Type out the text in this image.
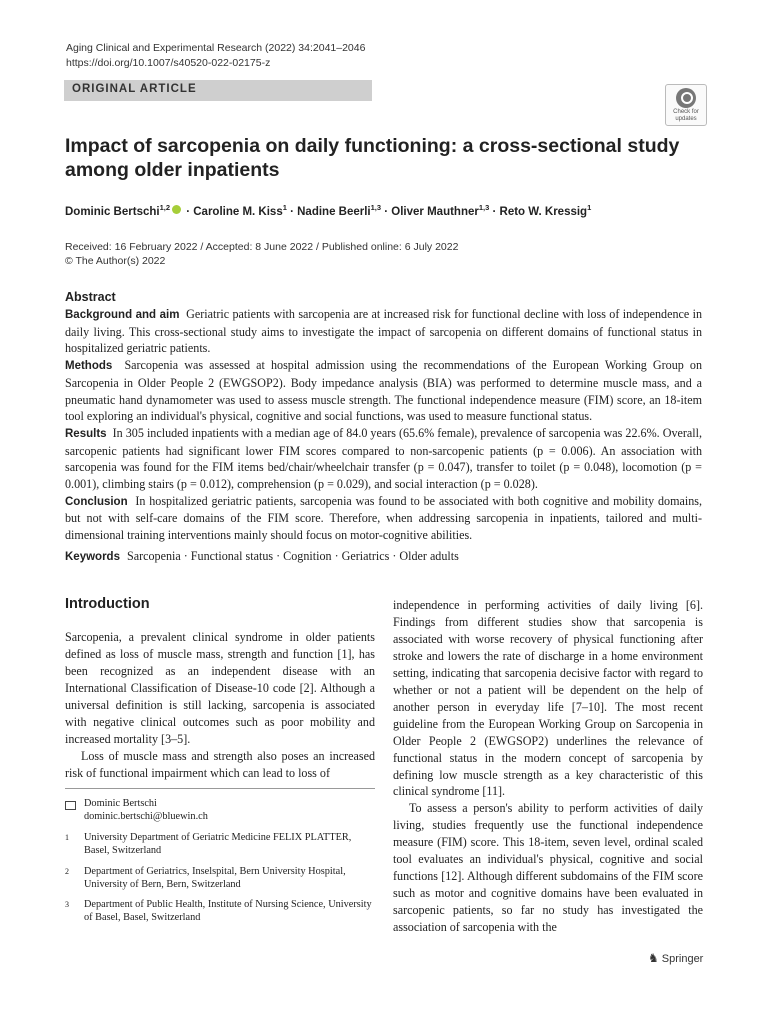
Aging Clinical and Experimental Research (2022) 34:2041–2046
https://doi.org/10.1007/s40520-022-02175-z
ORIGINAL ARTICLE
Check for
updates
Impact of sarcopenia on daily functioning: a cross-sectional study among older inpatients
Dominic Bertschi$^{1,2}$ · Caroline M. Kiss$^1$ · Nadine Beerli$^{1,3}$ · Oliver Mauthner$^{1,3}$ · Reto W. Kressig$^1$
Received: 16 February 2022 / Accepted: 8 June 2022 / Published online: 6 July 2022
© The Author(s) 2022
Abstract

Background and aim Geriatric patients with sarcopenia are at increased risk for functional decline with loss of independence in daily living. This cross-sectional study aims to investigate the impact of sarcopenia on different domains of functional status in hospitalized geriatric patients.

Methods Sarcopenia was assessed at hospital admission using the recommendations of the European Working Group on Sarcopenia in Older People 2 (EWGSOP2). Body impedance analysis (BIA) was performed to determine muscle mass, and a pneumatic hand dynamometer was used to assess muscle strength. The functional independence measure (FIM) score, an 18-item tool exploring an individual's physical, cognitive and social functions, was used to measure functional status.

Results In 305 included inpatients with a median age of 84.0 years (65.6% female), prevalence of sarcopenia was 22.6%. Overall, sarcopenic patients had significant lower FIM scores compared to non-sarcopenic patients (p = 0.006). An association with sarcopenia was found for the FIM items bed/chair/wheelchair transfer (p = 0.047), transfer to toilet (p = 0.048), locomotion (p = 0.001), climbing stairs (p = 0.012), comprehension (p = 0.029), and social interaction (p = 0.028).

Conclusion In hospitalized geriatric patients, sarcopenia was found to be associated with both cognitive and mobility domains, but not with self-care domains of the FIM score. Therefore, when addressing sarcopenia in inpatients, tailored and multi-dimensional training interventions mainly should focus on motor-cognitive abilities.

Keywords Sarcopenia · Functional status · Cognition · Geriatrics · Older adults
Introduction

Sarcopenia, a prevalent clinical syndrome in older patients defined as loss of muscle mass, strength and function [1], has been recognized as an independent disease with an International Classification of Disease-10 code [2]. Although a universal definition is still lacking, sarcopenia is associated with negative clinical outcomes such as poor mobility and increased mortality [3–5].

Loss of muscle mass and strength also poses an increased risk of functional impairment which can lead to loss of

Dominic Bertschi
dominic.bertschi@bluewin.ch
1	University Department of Geriatric Medicine FELIX PLATTER, Basel, Switzerland
2	Department of Geriatrics, Inselspital, Bern University Hospital, University of Bern, Bern, Switzerland
3	Department of Public Health, Institute of Nursing Science, University of Basel, Basel, Switzerland

independence in performing activities of daily living [6]. Findings from different studies show that sarcopenia is associated with worse recovery of physical functioning after stroke and lowers the rate of discharge in a home environment setting, indicating that sarcopenia decisive factor with regard to whether or not a patient will be dependent on the help of another person in everyday life [7–10]. The most recent guideline from the European Working Group on Sarcopenia in Older People 2 (EWGSOP2) underlines the relevance of functional status in the modern concept of sarcopenia by defining low muscle strength as a key characteristic of this clinical syndrome [11].

To assess a person's ability to perform activities of daily living, studies frequently use the functional independence measure (FIM) score. This 18-item, seven level, ordinal scaled tool evaluates an individual's physical, cognitive and social functions [12]. Although different subdomains of the FIM score such as motor and cognitive domains have been evaluated in sarcopenic patients, so far no study has investigated the association of sarcopenia with the

♞ Springer
